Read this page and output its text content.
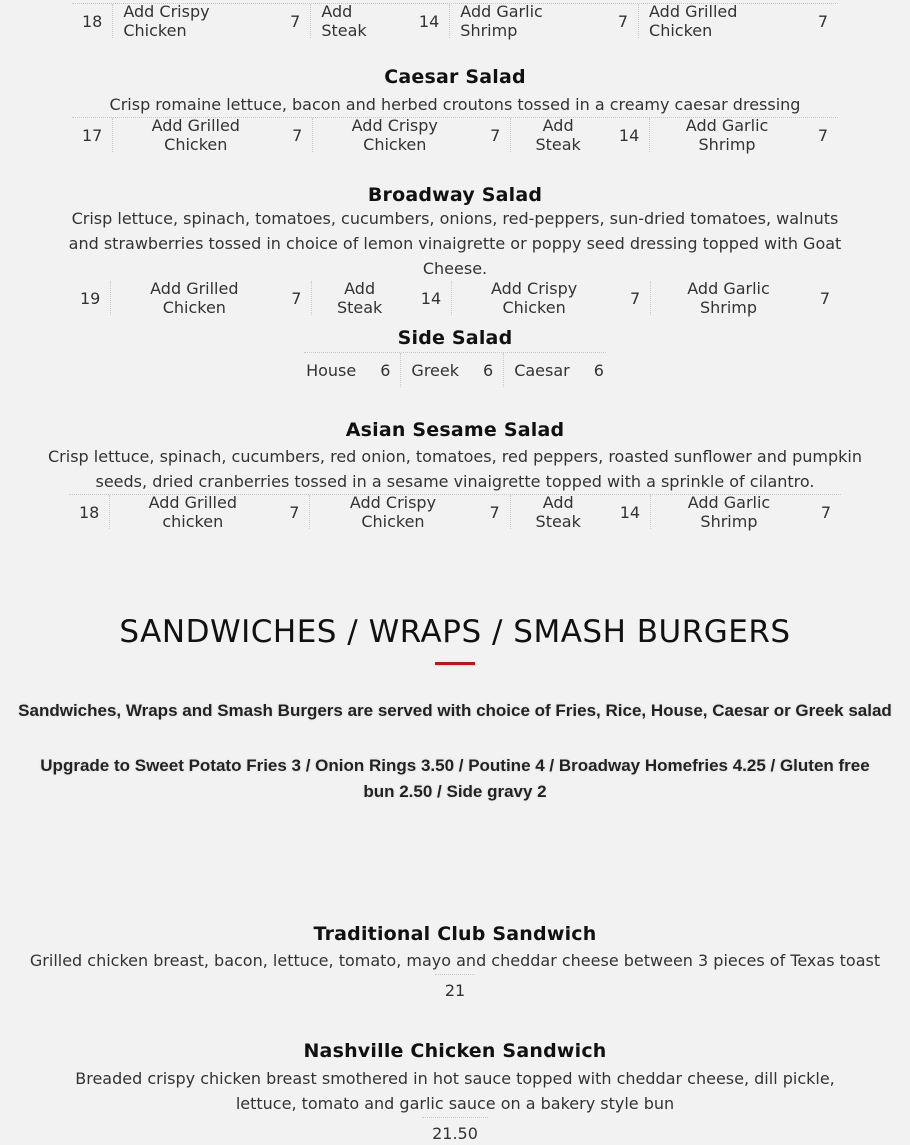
18	Add Crispy Chicken	7 Add Steak	14 Add Garlic Shrimp	7 Add Grilled Chicken	7
Caesar Salad
Crisp romaine lettuce, bacon and herbed croutons tossed in a creamy caesar dressing
17	Add Grilled Chicken	7	Add Crispy Chicken	7	Add Steak	14	Add Garlic Shrimp	7
Broadway Salad
Crisp lettuce, spinach, tomatoes, cucumbers, onions, red-peppers, sun-dried tomatoes, walnuts and strawberries tossed in choice of lemon vinaigrette or poppy seed dressing topped with Goat Cheese.
19	Add Grilled Chicken	7	Add Steak	14	Add Crispy Chicken	7	Add Garlic Shrimp	7
Side Salad
House 6 Greek 6 Caesar 6
Asian Sesame Salad
Crisp lettuce, spinach, cucumbers, red onion, tomatoes, red peppers, roasted sunflower and pumpkin seeds, dried cranberries tossed in a sesame vinaigrette topped with a sprinkle of cilantro.
18	Add Grilled chicken	7	Add Crispy Chicken	7	Add Steak	14	Add Garlic Shrimp	7
SANDWICHES / WRAPS / SMASH BURGERS
Sandwiches, Wraps and Smash Burgers are served with choice of Fries, Rice, House, Caesar or Greek salad
Upgrade to Sweet Potato Fries 3 / Onion Rings 3.50 / Poutine 4 / Broadway Homefries 4.25 / Gluten free bun 2.50 / Side gravy 2
Traditional Club Sandwich
Grilled chicken breast, bacon, lettuce, tomato, mayo and cheddar cheese between 3 pieces of Texas toast
21
Nashville Chicken Sandwich
Breaded crispy chicken breast smothered in hot sauce topped with cheddar cheese, dill pickle, lettuce, tomato and garlic sauce on a bakery style bun
21.50
